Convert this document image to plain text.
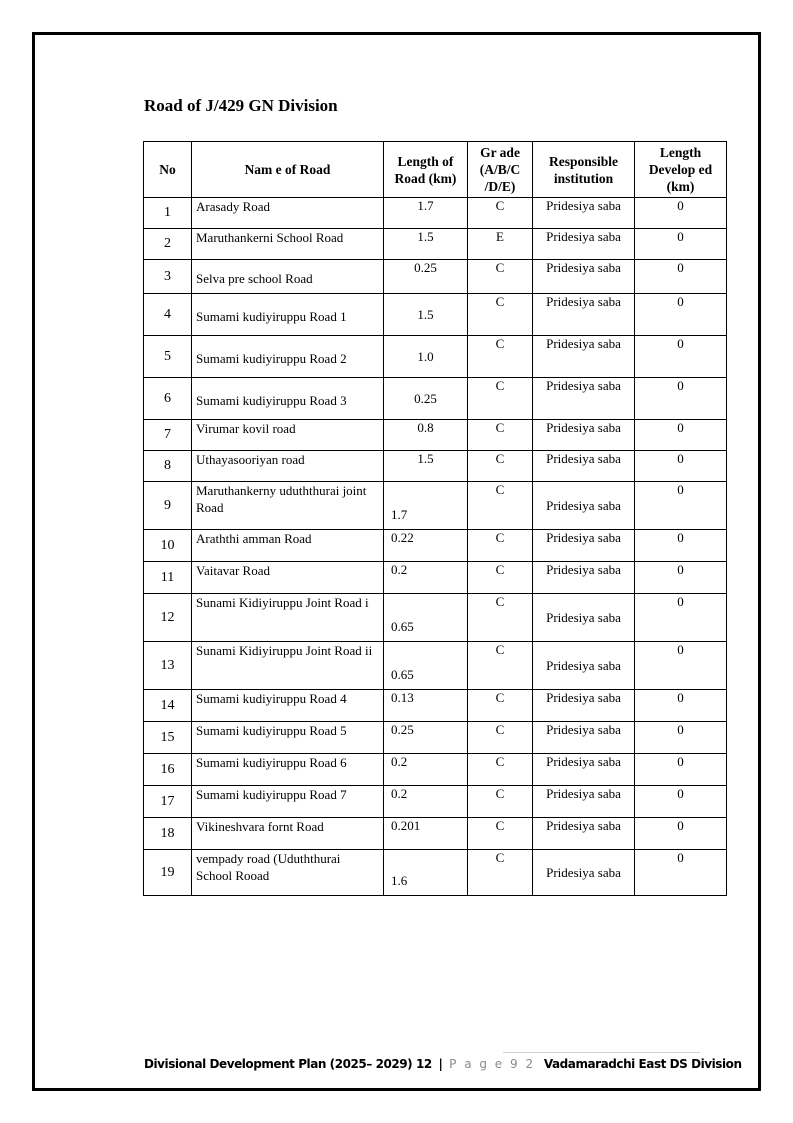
Road of J/429 GN Division
No	Nam e of Road	Length of Road (km)	Gr ade (A/B/C /D/E)	Responsible institution	Length Develop ed (km)
1	Arasady Road	1.7	C	Pridesiya saba	0
2	Maruthankerni School Road	1.5	E	Pridesiya saba	0
3	Selva pre school Road	0.25	C	Pridesiya saba	0
4	Sumami kudiyiruppu Road 1	1.5	C	Pridesiya saba	0
5	Sumami kudiyiruppu Road 2	1.0	C	Pridesiya saba	0
6	Sumami kudiyiruppu Road 3	0.25	C	Pridesiya saba	0
7	Virumar kovil road	0.8	C	Pridesiya saba	0
8	Uthayasooriyan road	1.5	C	Pridesiya saba	0
9	Maruthankerny uduththurai joint Road	1.7	C	Pridesiya saba	0
10	Araththi amman Road	0.22	C	Pridesiya saba	0
11	Vaitavar Road	0.2	C	Pridesiya saba	0
12	Sunami Kidiyiruppu Joint Road i	0.65	C	Pridesiya saba	0
13	Sunami Kidiyiruppu Joint Road ii	0.65	C	Pridesiya saba	0
14	Sumami kudiyiruppu Road 4	0.13	C	Pridesiya saba	0
15	Sumami kudiyiruppu Road 5	0.25	C	Pridesiya saba	0
16	Sumami kudiyiruppu Road 6	0.2	C	Pridesiya saba	0
17	Sumami kudiyiruppu Road 7	0.2	C	Pridesiya saba	0
18	Vikineshvara fornt Road	0.201	C	Pridesiya saba	0
19	vempady road (Uduththurai School Rooad	1.6	C	Pridesiya saba	0
Divisional Development Plan (2025– 2029) 12 | P a g e 9 2 Vadamaradchi East DS Division
